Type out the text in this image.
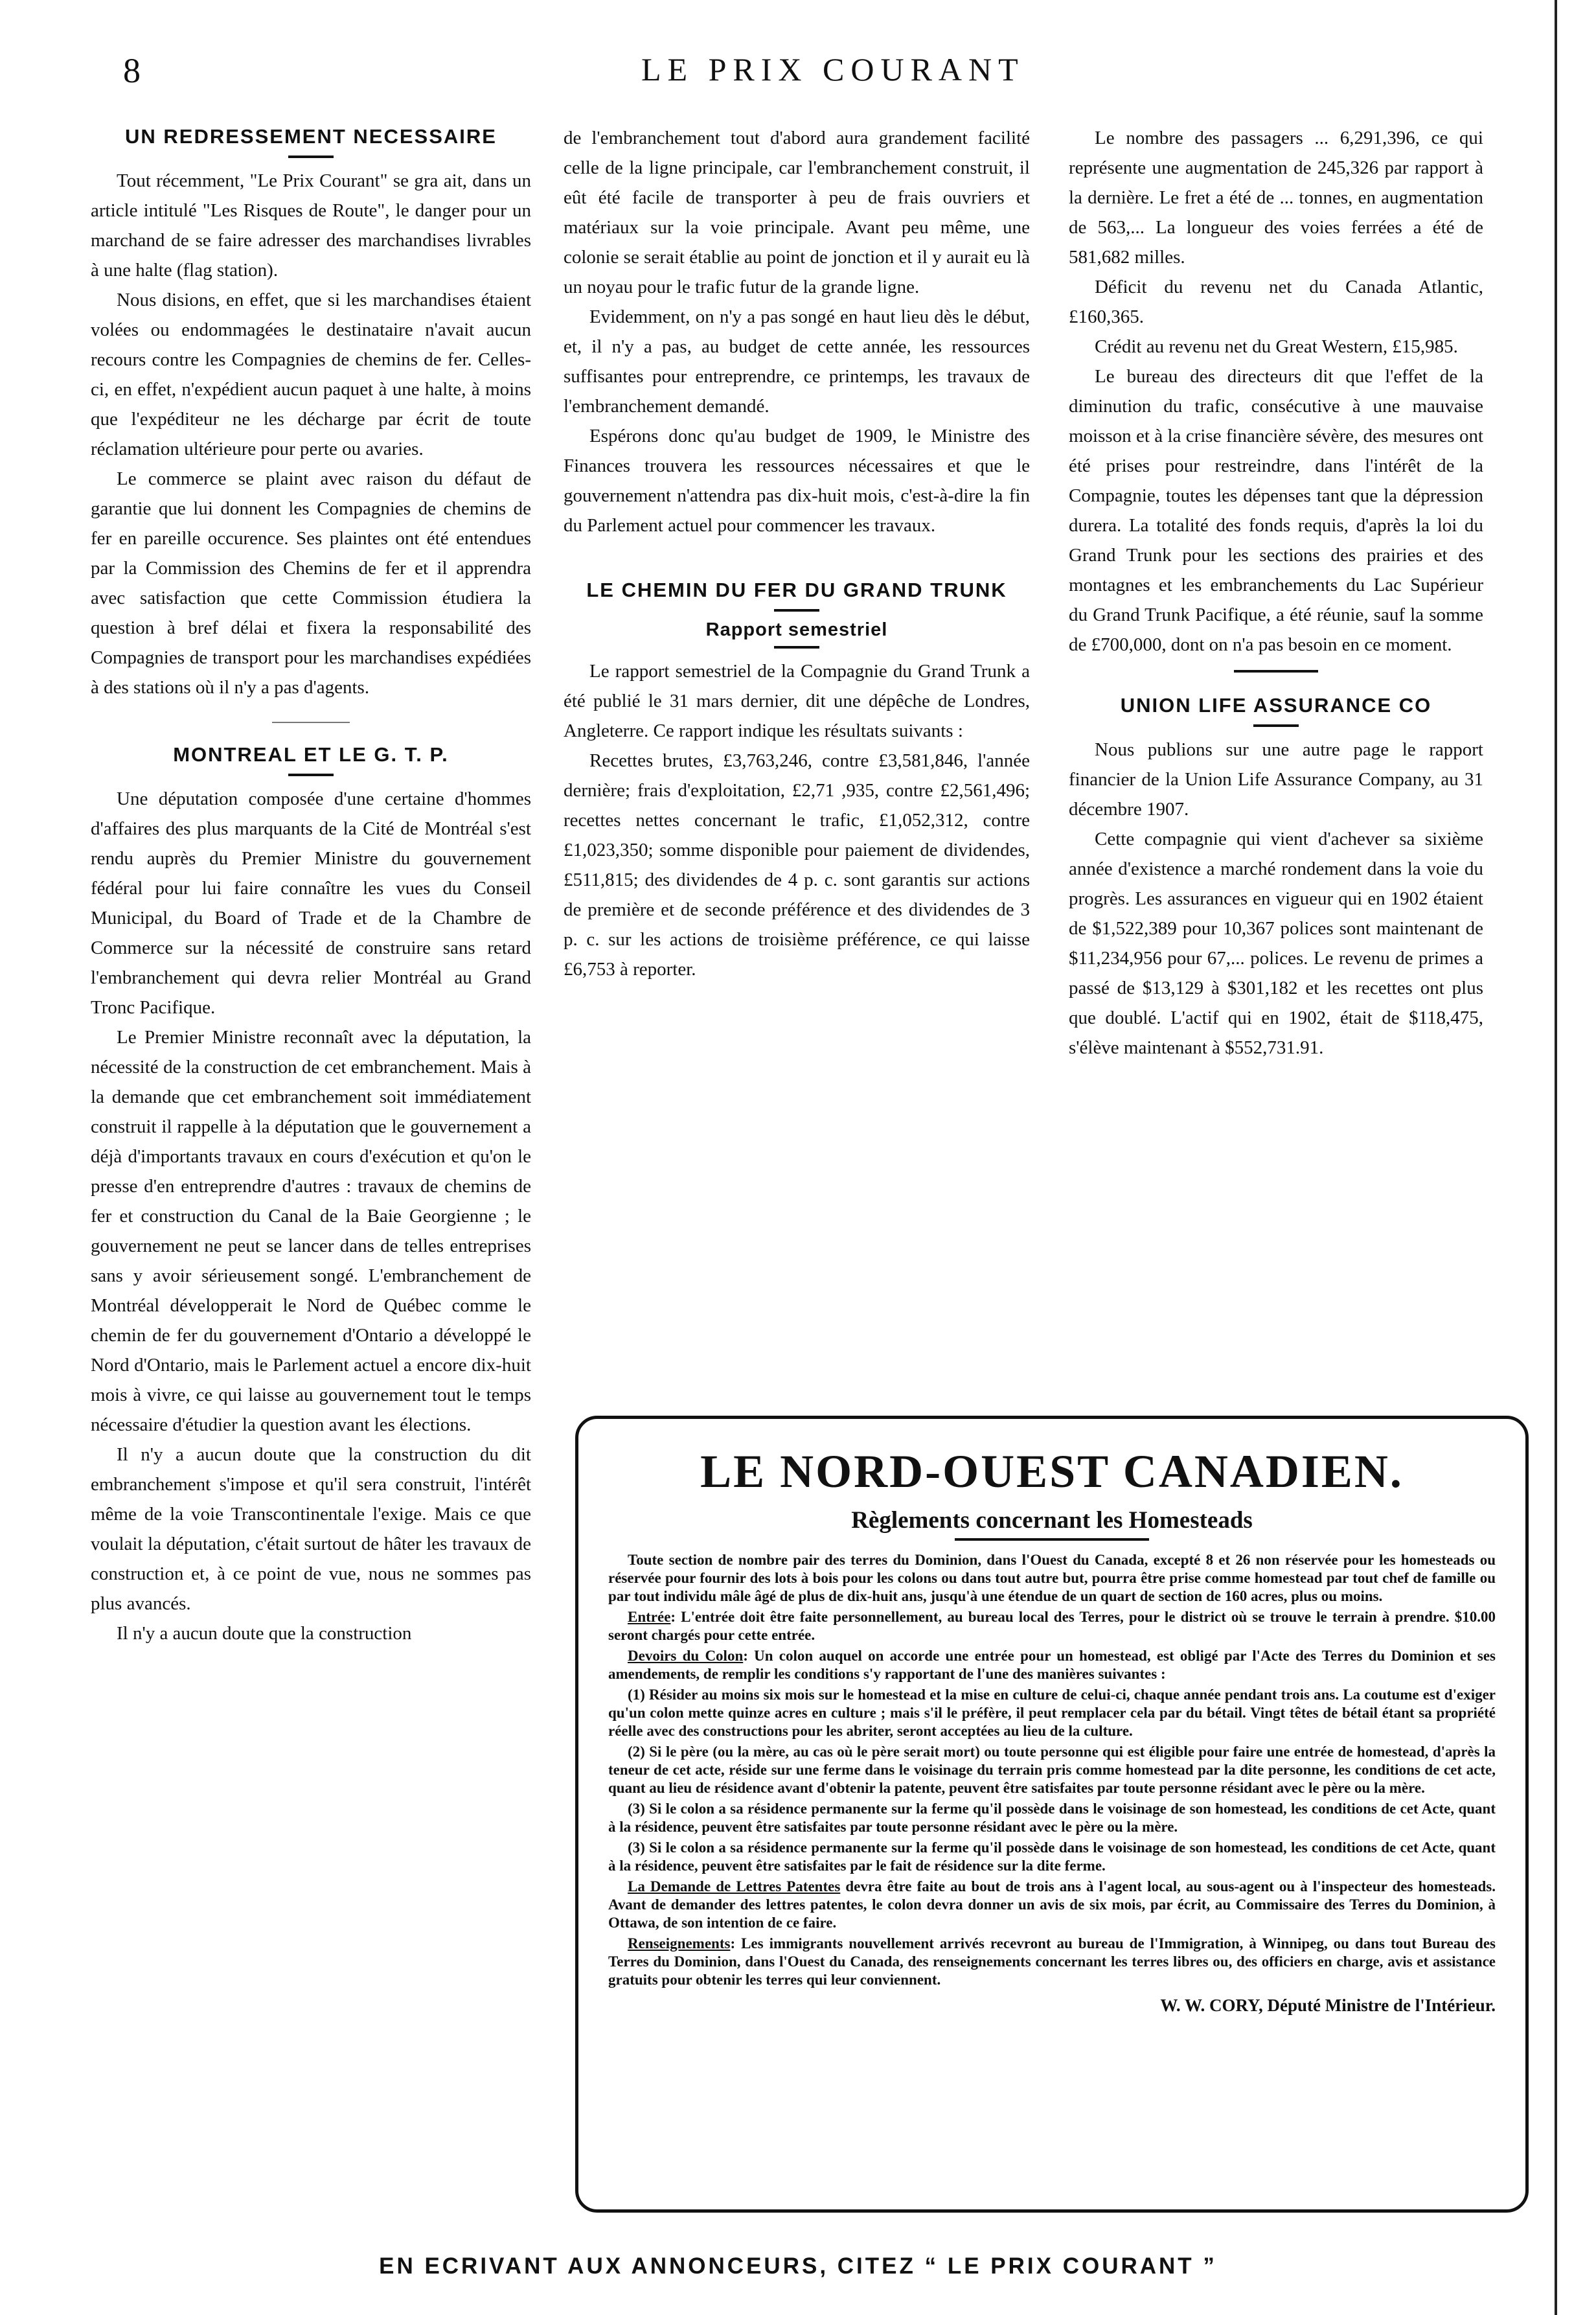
8	LE PRIX COURANT
UN REDRESSEMENT NECESSAIRE

Tout récemment, "Le Prix Courant" se gra ait, dans un article intitulé "Les Risques de Route", le danger pour un marchand de se faire adresser des marchandises livrables à une halte (flag station).

Nous disions, en effet, que si les marchandises étaient volées ou endommagées le destinataire n'avait aucun recours contre les Compagnies de chemins de fer. Celles-ci, en effet, n'expédient aucun paquet à une halte, à moins que l'expéditeur ne les décharge par écrit de toute réclamation ultérieure pour perte ou avaries.

Le commerce se plaint avec raison du défaut de garantie que lui donnent les Compagnies de chemins de fer en pareille occurence. Ses plaintes ont été entendues par la Commission des Chemins de fer et il apprendra avec satisfaction que cette Commission étudiera la question à bref délai et fixera la responsabilité des Compagnies de transport pour les marchandises expédiées à des stations où il n'y a pas d'agents.

MONTREAL ET LE G. T. P.

Une députation composée d'une certaine d'hommes d'affaires des plus marquants de la Cité de Montréal s'est rendu auprès du Premier Ministre du gouvernement fédéral pour lui faire connaître les vues du Conseil Municipal, du Board of Trade et de la Chambre de Commerce sur la nécessité de construire sans retard l'embranchement qui devra relier Montréal au Grand Tronc Pacifique.

Le Premier Ministre reconnaît avec la députation, la nécessité de la construction de cet embranchement. Mais à la demande que cet embranchement soit immédiatement construit il rappelle à la députation que le gouvernement a déjà d'importants travaux en cours d'exécution et qu'on le presse d'en entreprendre d'autres : travaux de chemins de fer et construction du Canal de la Baie Georgienne ; le gouvernement ne peut se lancer dans de telles entreprises sans y avoir sérieusement songé. L'embranchement de Montréal développerait le Nord de Québec comme le chemin de fer du gouvernement d'Ontario a développé le Nord d'Ontario, mais le Parlement actuel a encore dix-huit mois à vivre, ce qui laisse au gouvernement tout le temps nécessaire d'étudier la question avant les élections.

Il n'y a aucun doute que la construction du dit embranchement s'impose et qu'il sera construit, l'intérêt même de la voie Transcontinentale l'exige. Mais ce que voulait la députation, c'était surtout de hâter les travaux de construction et, à ce point de vue, nous ne sommes pas plus avancés.

Il n'y a aucun doute que la construction

de l'embranchement tout d'abord aura grandement facilité celle de la ligne principale, car l'embranchement construit, il eût été facile de transporter à peu de frais ouvriers et matériaux sur la voie principale. Avant peu même, une colonie se serait établie au point de jonction et il y aurait eu là un noyau pour le trafic futur de la grande ligne.

Evidemment, on n'y a pas songé en haut lieu dès le début, et, il n'y a pas, au budget de cette année, les ressources suffisantes pour entreprendre, ce printemps, les travaux de l'embranchement demandé.

Espérons donc qu'au budget de 1909, le Ministre des Finances trouvera les ressources nécessaires et que le gouvernement n'attendra pas dix-huit mois, c'est-à-dire la fin du Parlement actuel pour commencer les travaux.

LE CHEMIN DU FER DU GRAND TRUNK
Rapport semestriel

Le rapport semestriel de la Compagnie du Grand Trunk a été publié le 31 mars dernier, dit une dépêche de Londres, Angleterre. Ce rapport indique les résultats suivants :

Recettes brutes, £3,763,246, contre £3,581,846, l'année dernière; frais d'exploitation, £2,71 ,935, contre £2,561,496; recettes nettes concernant le trafic, £1,052,312, contre £1,023,350; somme disponible pour paiement de dividendes, £511,815; des dividendes de 4 p. c. sont garantis sur actions de première et de seconde préférence et des dividendes de 3 p. c. sur les actions de troisième préférence, ce qui laisse £6,753 à reporter.

Le nombre des passagers ... 6,291,396, ce qui représente une augmentation de 245,326 par rapport à la dernière. Le fret a été de ... tonnes, en augmentation de 563,... La longueur des voies ferrées a été de 581,682 milles.

Déficit du revenu net du Canada Atlantic, £160,365.

Crédit au revenu net du Great Western, £15,985.

Le bureau des directeurs dit que l'effet de la diminution du trafic, consécutive à une mauvaise moisson et à la crise financière sévère, des mesures ont été prises pour restreindre, dans l'intérêt de la Compagnie, toutes les dépenses tant que la dépression durera. La totalité des fonds requis, d'après la loi du Grand Trunk pour les sections des prairies et des montagnes et les embranchements du Lac Supérieur du Grand Trunk Pacifique, a été réunie, sauf la somme de £700,000, dont on n'a pas besoin en ce moment.

UNION LIFE ASSURANCE CO

Nous publions sur une autre page le rapport financier de la Union Life Assurance Company, au 31 décembre 1907.

Cette compagnie qui vient d'achever sa sixième année d'existence a marché rondement dans la voie du progrès. Les assurances en vigueur qui en 1902 étaient de $1,522,389 pour 10,367 polices sont maintenant de $11,234,956 pour 67,... polices. Le revenu de primes a passé de $13,129 à $301,182 et les recettes ont plus que doublé. L'actif qui en 1902, était de $118,475, s'élève maintenant à $552,731.91.

LE NORD-OUEST CANADIEN.
Règlements concernant les Homesteads

Toute section de nombre pair des terres du Dominion, dans l'Ouest du Canada, excepté 8 et 26 non réservée pour les homesteads ou réservée pour fournir des lots à bois pour les colons ou dans tout autre but, pourra être prise comme homestead par tout chef de famille ou par tout individu mâle âgé de plus de dix-huit ans, jusqu'à une étendue de un quart de section de 160 acres, plus ou moins.

Entrée: L'entrée doit être faite personnellement, au bureau local des Terres, pour le district où se trouve le terrain à prendre. $10.00 seront chargés pour cette entrée.

Devoirs du Colon: Un colon auquel on accorde une entrée pour un homestead, est obligé par l'Acte des Terres du Dominion et ses amendements, de remplir les conditions s'y rapportant de l'une des manières suivantes :

(1) Résider au moins six mois sur le homestead et la mise en culture de celui-ci, chaque année pendant trois ans. La coutume est d'exiger qu'un colon mette quinze acres en culture ; mais s'il le préfère, il peut remplacer cela par du bétail. Vingt têtes de bétail étant sa propriété réelle avec des constructions pour les abriter, seront acceptées au lieu de la culture.

(2) Si le père (ou la mère, au cas où le père serait mort) ou toute personne qui est éligible pour faire une entrée de homestead, d'après la teneur de cet acte, réside sur une ferme dans le voisinage du terrain pris comme homestead par la dite personne, les conditions de cet acte, quant au lieu de résidence avant d'obtenir la patente, peuvent être satisfaites par toute personne résidant avec le père ou la mère.

(3) Si le colon a sa résidence permanente sur la ferme qu'il possède dans le voisinage de son homestead, les conditions de cet Acte, quant à la résidence, peuvent être satisfaites par toute personne résidant avec le père ou la mère.

(3) Si le colon a sa résidence permanente sur la ferme qu'il possède dans le voisinage de son homestead, les conditions de cet Acte, quant à la résidence, peuvent être satisfaites par le fait de résidence sur la dite ferme.

La Demande de Lettres Patentes devra être faite au bout de trois ans à l'agent local, au sous-agent ou à l'inspecteur des homesteads. Avant de demander des lettres patentes, le colon devra donner un avis de six mois, par écrit, au Commissaire des Terres du Dominion, à Ottawa, de son intention de ce faire.

Renseignements: Les immigrants nouvellement arrivés recevront au bureau de l'Immigration, à Winnipeg, ou dans tout Bureau des Terres du Dominion, dans l'Ouest du Canada, des renseignements concernant les terres libres ou, des officiers en charge, avis et assistance gratuits pour obtenir les terres qui leur conviennent.

W. W. CORY, Député Ministre de l'Intérieur.
EN ECRIVANT AUX ANNONCEURS, CITEZ “ LE PRIX COURANT ”
